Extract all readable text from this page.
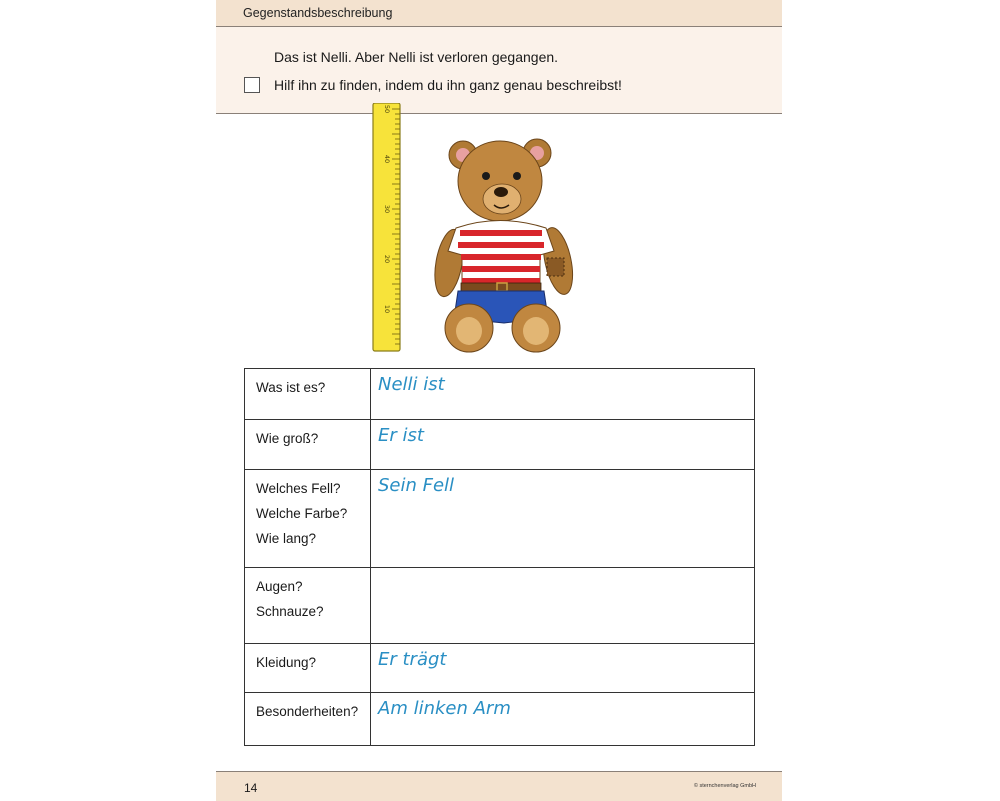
Gegenstandsbeschreibung
Das ist Nelli. Aber Nelli ist verloren gegangen.
Hilf ihn zu finden, indem du ihn ganz genau beschreibst!
50
40
30
20
10
Was ist es?	Nelli ist

Wie groß?	Er ist

Welches Fell?
Welche Farbe?
Wie lang?	Sein Fell

Augen?
Schnauze?	

Kleidung?	Er trägt

Besonderheiten?	Am linken Arm
14	© sternchenverlag GmbH
